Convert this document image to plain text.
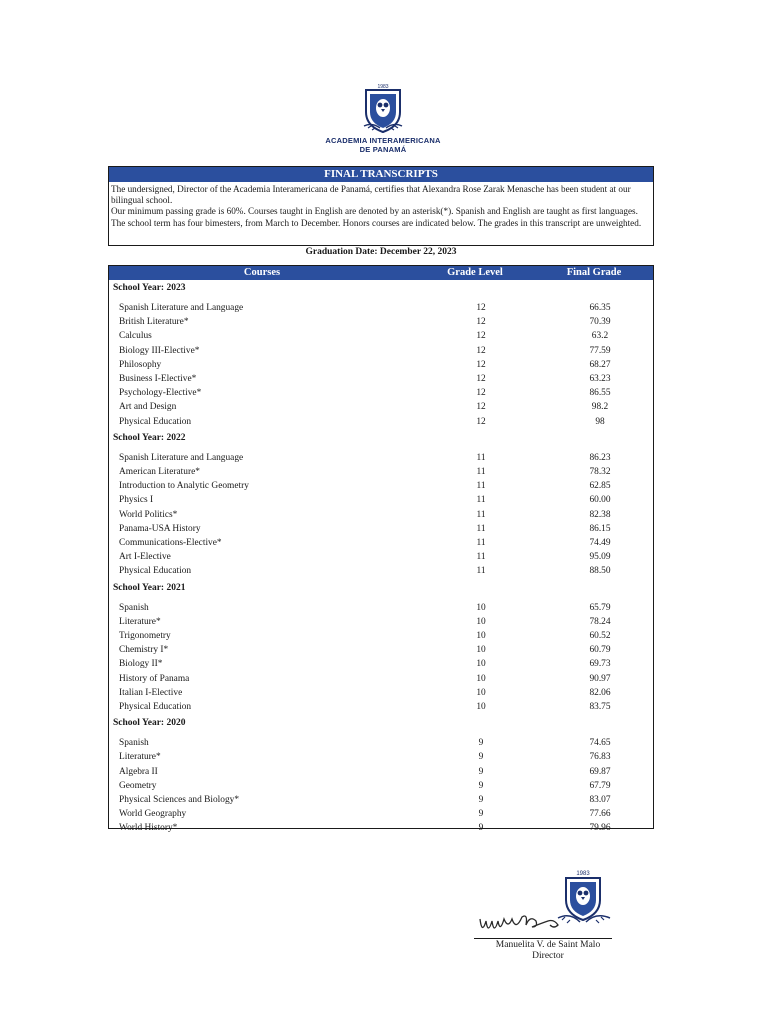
1983
ACADEMIA INTERAMERICANA
DE PANAMÁ
FINAL TRANSCRIPTS

The undersigned, Director of the Academia Interamericana de Panamá, certifies that Alexandra Rose Zarak Menasche has been student at our bilingual school.

Our minimum passing grade is 60%. Courses taught in English are denoted by an asterisk(*). Spanish and English are taught as first languages. The school term has four bimesters, from March to December. Honors courses are indicated below. The grades in this transcript are unweighted.

Graduation Date: December 22, 2023
Courses	Grade Level	Final Grade
School Year: 2023
Spanish Literature and Language	12	66.35
British Literature*	12	70.39
Calculus	12	63.2
Biology III-Elective*	12	77.59
Philosophy	12	68.27
Business I-Elective*	12	63.23
Psychology-Elective*	12	86.55
Art and Design	12	98.2
Physical Education	12	98
School Year: 2022
Spanish Literature and Language	11	86.23
American Literature*	11	78.32
Introduction to Analytic Geometry	11	62.85
Physics I	11	60.00
World Politics*	11	82.38
Panama-USA History	11	86.15
Communications-Elective*	11	74.49
Art I-Elective	11	95.09
Physical Education	11	88.50
School Year: 2021
Spanish	10	65.79
Literature*	10	78.24
Trigonometry	10	60.52
Chemistry I*	10	60.79
Biology II*	10	69.73
History of Panama	10	90.97
Italian I-Elective	10	82.06
Physical Education	10	83.75
School Year: 2020
Spanish	9	74.65
Literature*	9	76.83
Algebra II	9	69.87
Geometry	9	67.79
Physical Sciences and Biology*	9	83.07
World Geography	9	77.66
World History*	9	79.96
1983
Manuelita V. de Saint Malo
Director
